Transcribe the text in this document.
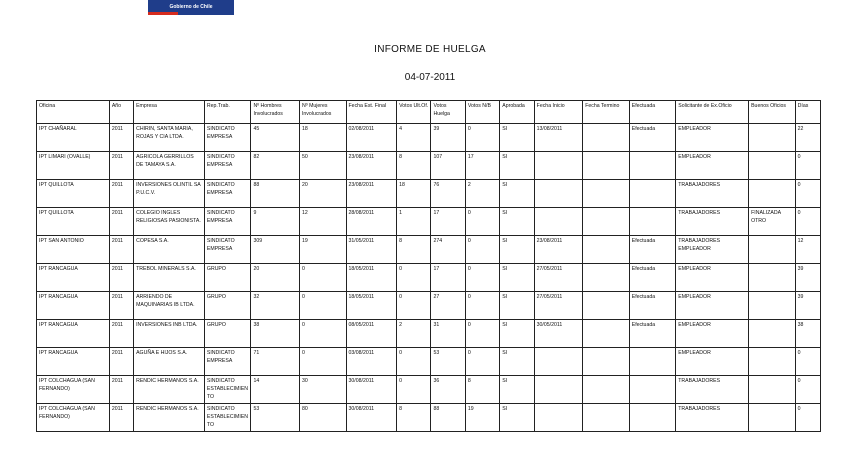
Gobierno de Chile
INFORME DE HUELGA
04-07-2011
Oficina	Año	Empresa	Rep.Trab.	Nº Hombres Involucrados	Nº Mujeres Involucrados	Fecha Est. Final	Votos Ult.Of.	Votos Huelga	Votos N/B	Aprobada	Fecha Inicio	Fecha Termino	Efectuada	Solicitante de Ex.Oficio	Buenos Oficios	Días
IPT CHAÑARAL	2011	CHIRIN, SANTA MARIA, ROJAS Y CIA LTDA.	SINDICATO EMPRESA	45	18	02/08/2011	4	39	0	SI	13/08/2011		Efectuada	EMPLEADOR		22
IPT LIMARI (OVALLE)	2011	AGRICOLA GERRILLOS DE TAMAYA S.A.	SINDICATO EMPRESA	82	50	23/08/2011	8	107	17	SI				EMPLEADOR		0
IPT QUILLOTA	2011	INVERSIONES OLINTIL SA P.U.C.V.	SINDICATO EMPRESA	88	20	23/08/2011	18	76	2	SI				TRABAJADORES		0
IPT QUILLOTA	2011	COLEGIO INGLES RELIGIOSAS PASIONISTA.	SINDICATO EMPRESA	9	12	28/08/2011	1	17	0	SI				TRABAJADORES	FINALIZADA OTRO	0
IPT SAN ANTONIO	2011	COPESA S.A.	SINDICATO EMPRESA	309	19	31/05/2011	8	274	0	SI	23/08/2011		Efectuada	TRABAJADORES EMPLEADOR		12
IPT RANCAGUA	2011	TREBOL MINERALS S.A.	GRUPO	20	0	18/05/2011	0	17	0	SI	27/05/2011		Efectuada	EMPLEADOR		39
IPT RANCAGUA	2011	ARRIENDO DE MAQUINARIAS IB LTDA.	GRUPO	32	0	18/05/2011	0	27	0	SI	27/05/2011		Efectuada	EMPLEADOR		39
IPT RANCAGUA	2011	INVERSIONES INB LTDA.	GRUPO	38	0	08/05/2011	2	31	0	SI	30/05/2011		Efectuada	EMPLEADOR		38
IPT RANCAGUA	2011	AGUÑA E HIJOS S.A.	SINDICATO EMPRESA	71	0	03/08/2011	0	53	0	SI				EMPLEADOR		0
IPT COLCHAGUA (SAN FERNANDO)	2011	RENDIC HERMANOS S.A.	SINDICATO ESTABLECIMIENTO	14	30	30/08/2011	0	36	8	SI				TRABAJADORES		0
IPT COLCHAGUA (SAN FERNANDO)	2011	RENDIC HERMANOS S.A.	SINDICATO ESTABLECIMIENTO	53	80	30/08/2011	8	88	19	SI				TRABAJADORES		0
